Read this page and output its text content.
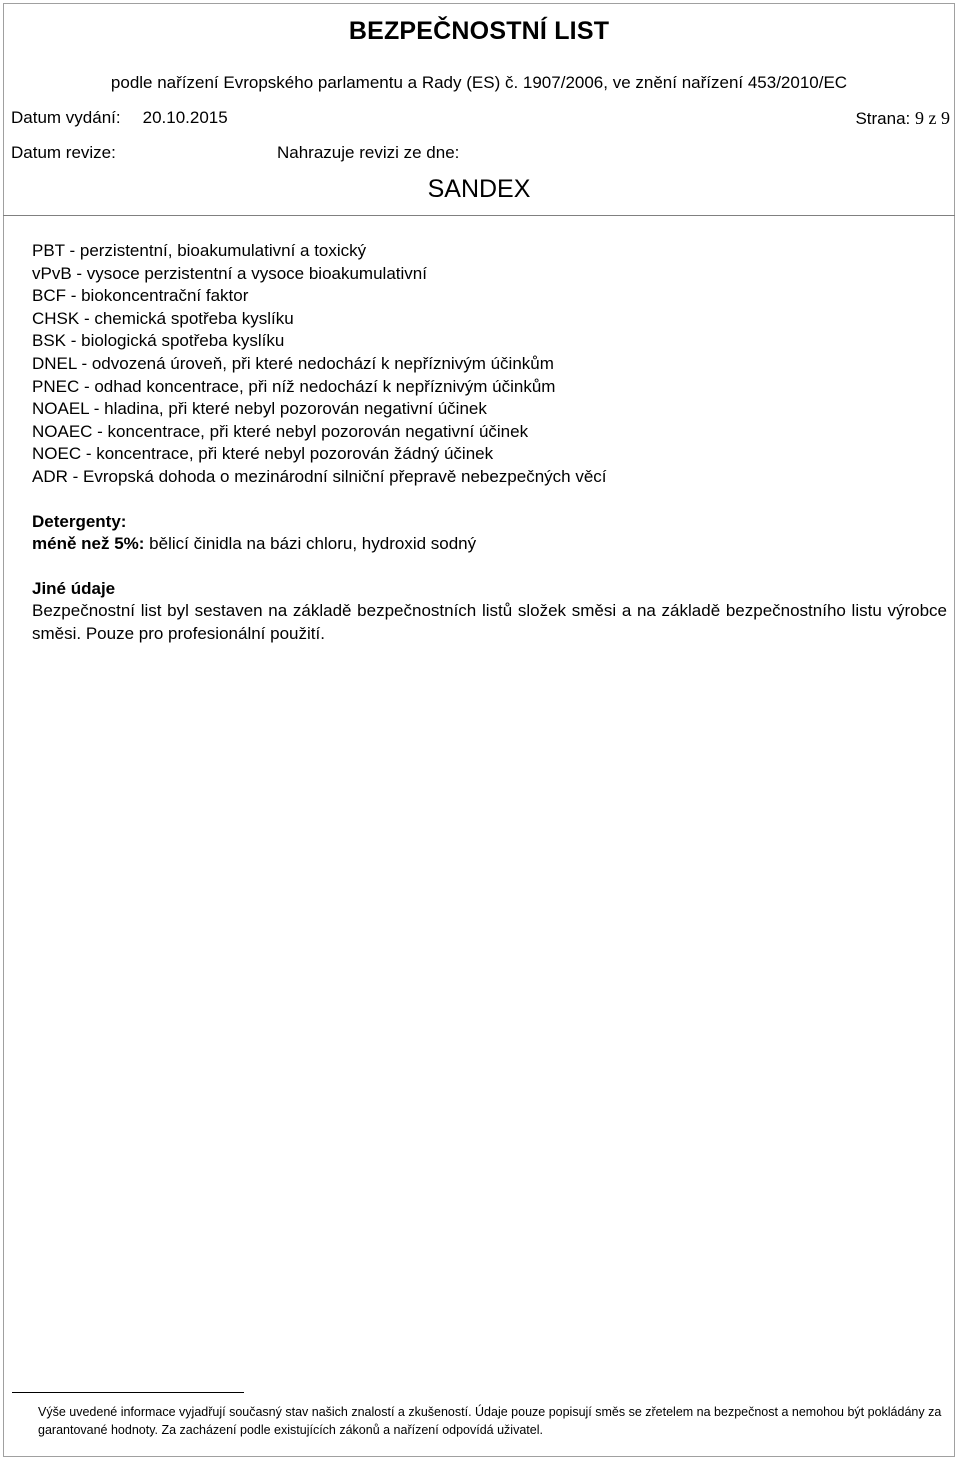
BEZPEČNOSTNÍ LIST
podle nařízení Evropského parlamentu a Rady (ES) č. 1907/2006, ve znění nařízení 453/2010/EC
Datum vydání: 20.10.2015	Strana: 9 z 9
Datum revize:	Nahrazuje revizi ze dne:
SANDEX

PBT - perzistentní, bioakumulativní a toxický

vPvB - vysoce perzistentní a vysoce bioakumulativní

BCF - biokoncentrační faktor

CHSK - chemická spotřeba kyslíku

BSK - biologická spotřeba kyslíku

DNEL - odvozená úroveň, při které nedochází k nepříznivým účinkům

PNEC - odhad koncentrace, při níž nedochází k nepříznivým účinkům

NOAEL - hladina, při které nebyl pozorován negativní účinek

NOAEC - koncentrace, při které nebyl pozorován negativní účinek

NOEC - koncentrace, při které nebyl pozorován žádný účinek

ADR - Evropská dohoda o mezinárodní silniční přepravě nebezpečných věcí

Detergenty:

méně než 5%: bělicí činidla na bázi chloru, hydroxid sodný

Jiné údaje

Bezpečnostní list byl sestaven na základě bezpečnostních listů složek směsi a na základě bezpečnostního listu výrobce směsi. Pouze pro profesionální použití.

Výše uvedené informace vyjadřují současný stav našich znalostí a zkušeností. Údaje pouze popisují směs se zřetelem na bezpečnost a nemohou být pokládány za garantované hodnoty. Za zacházení podle existujících zákonů a nařízení odpovídá uživatel.
